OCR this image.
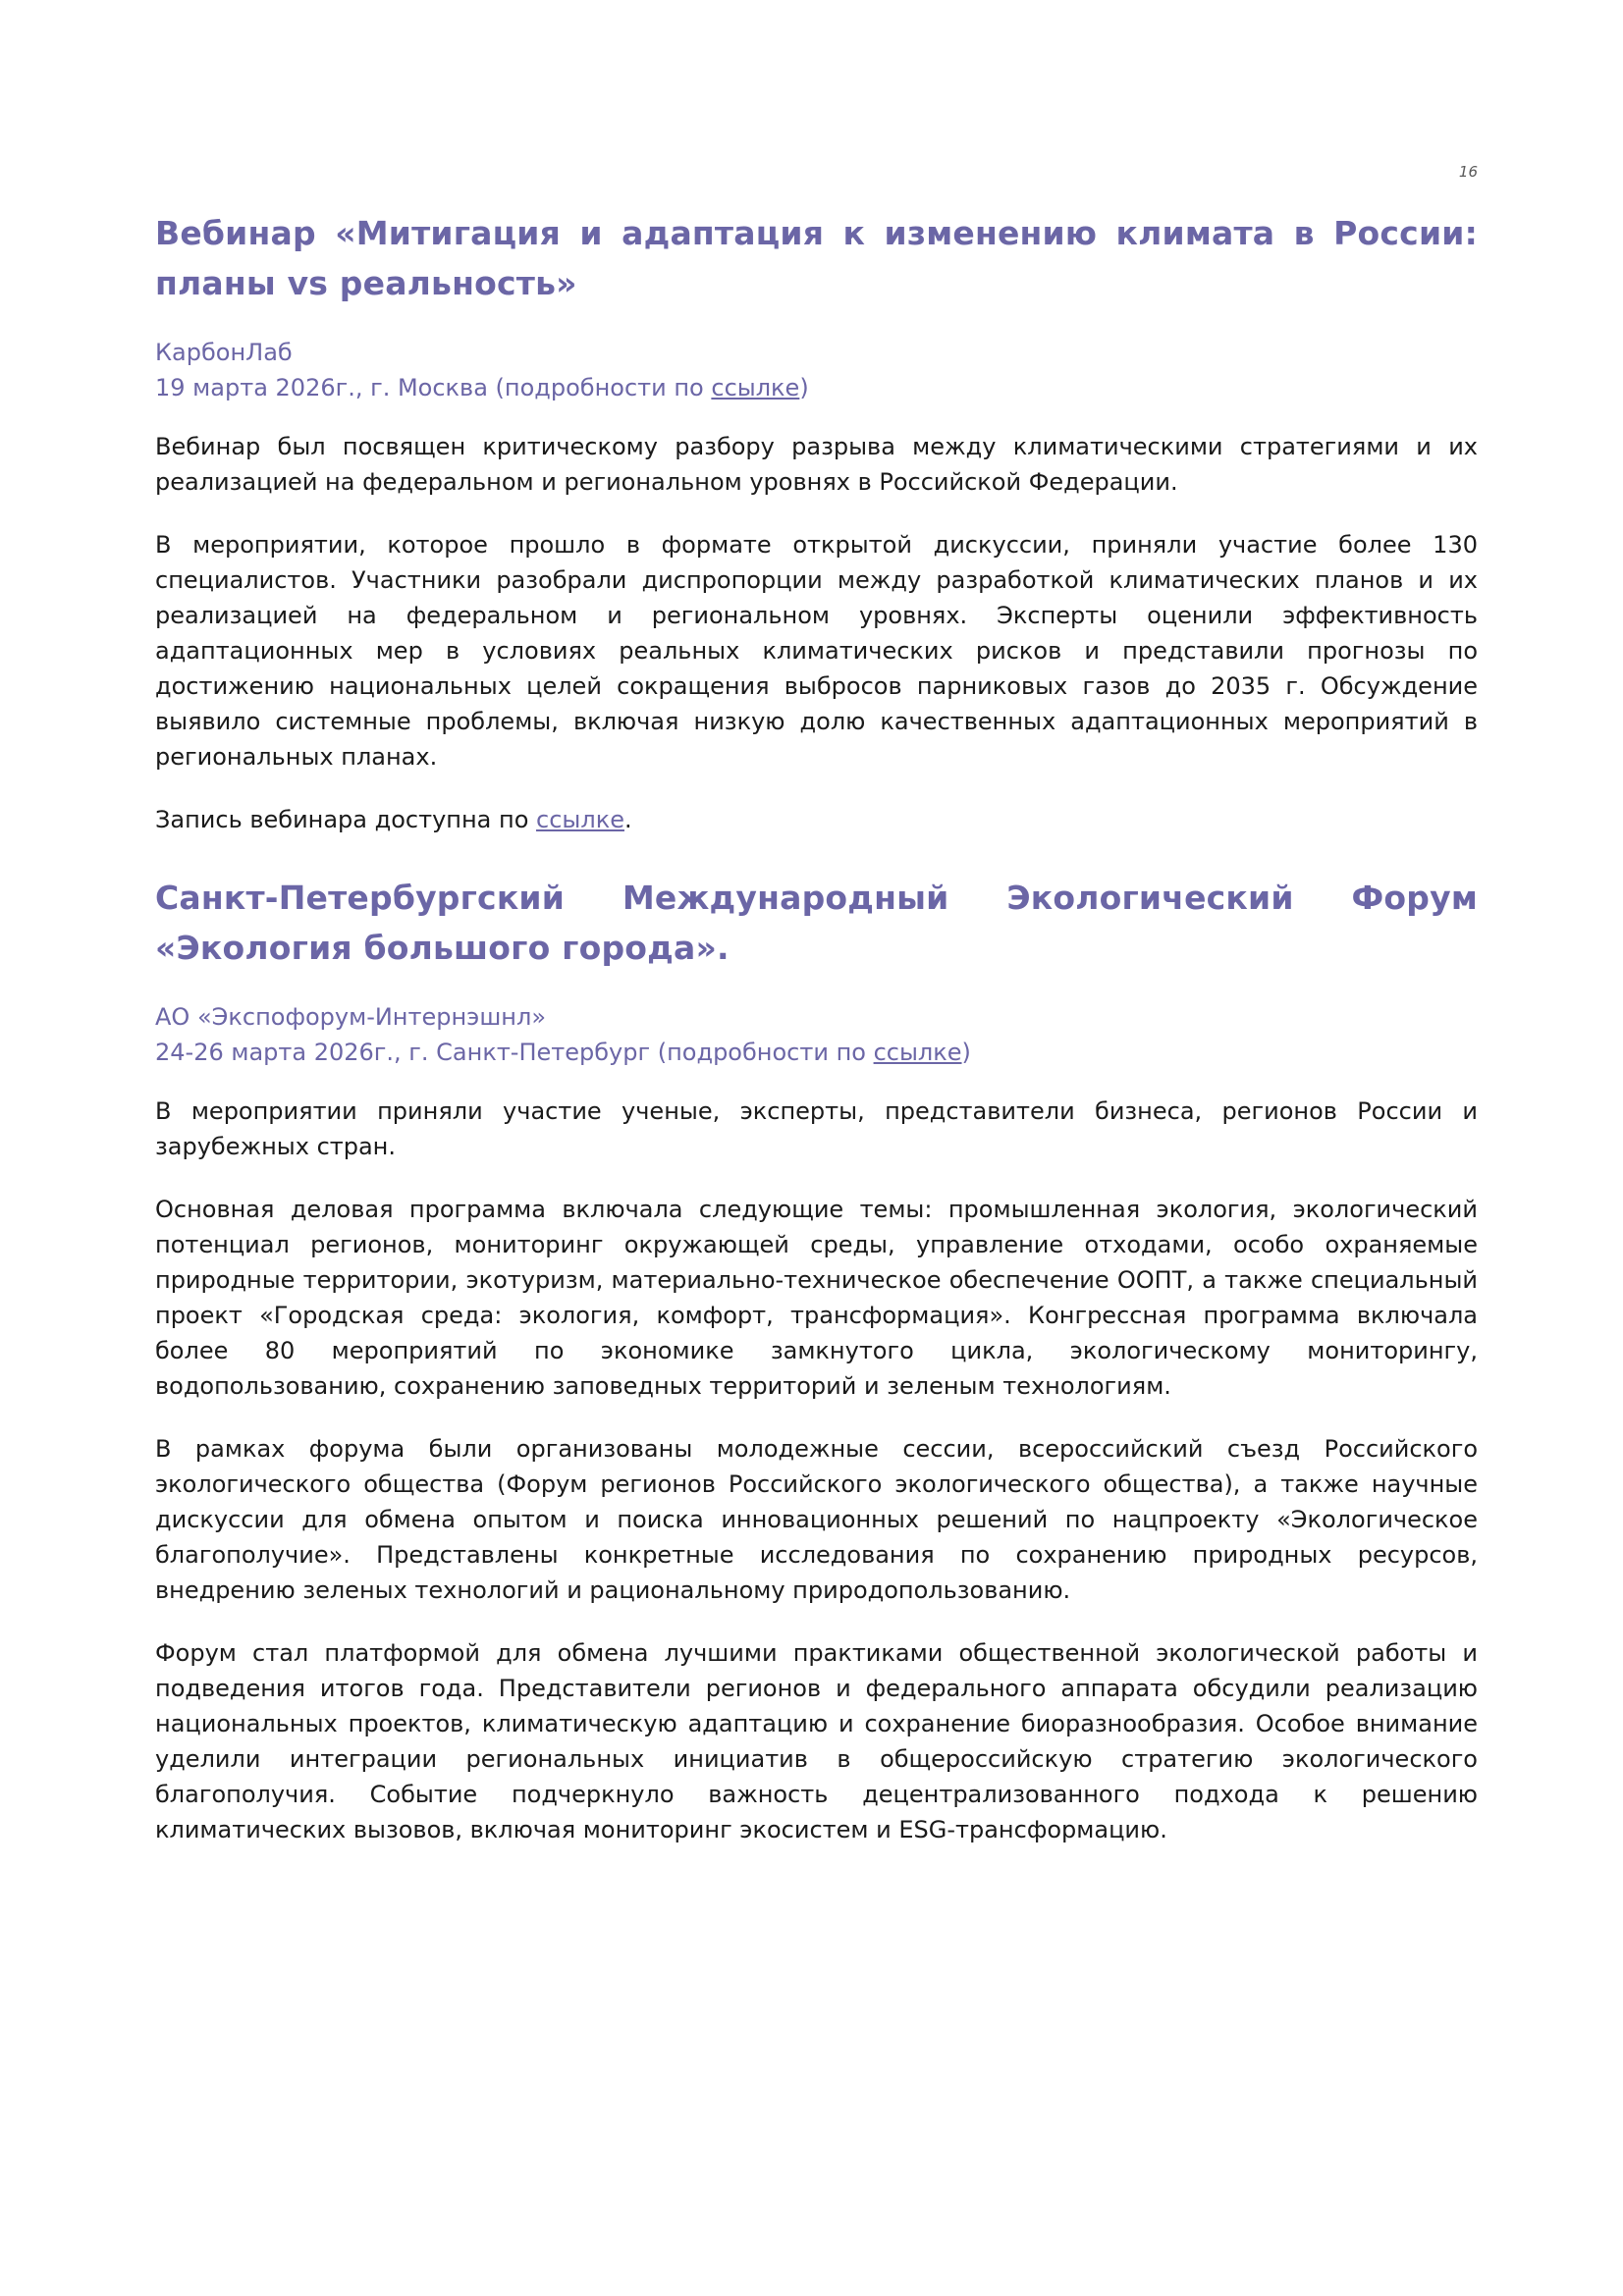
16
Вебинар «Митигация и адаптация к изменению климата в России: планы vs реальность»

КарбонЛаб

19 марта 2026г., г. Москва (подробности по ссылке)

Вебинар был посвящен критическому разбору разрыва между климатическими стратегиями и их реализацией на федеральном и региональном уровнях в Российской Федерации.

В мероприятии, которое прошло в формате открытой дискуссии, приняли участие более 130 специалистов. Участники разобрали диспропорции между разработкой климатических планов и их реализацией на федеральном и региональном уровнях. Эксперты оценили эффективность адаптационных мер в условиях реальных климатических рисков и представили прогнозы по достижению национальных целей сокращения выбросов парниковых газов до 2035 г. Обсуждение выявило системные проблемы, включая низкую долю качественных адаптационных мероприятий в региональных планах.

Запись вебинара доступна по ссылке.

Санкт-Петербургский Международный Экологический Форум «Экология большого города».

АО «Экспофорум-Интернэшнл»

24-26 марта 2026г., г. Санкт-Петербург (подробности по ссылке)

В мероприятии приняли участие ученые, эксперты, представители бизнеса, регионов России и зарубежных стран.

Основная деловая программа включала следующие темы: промышленная экология, экологический потенциал регионов, мониторинг окружающей среды, управление отходами, особо охраняемые природные территории, экотуризм, материально-техническое обеспечение ООПТ, а также специальный проект «Городская среда: экология, комфорт, трансформация». Конгрессная программа включала более 80 мероприятий по экономике замкнутого цикла, экологическому мониторингу, водопользованию, сохранению заповедных территорий и зеленым технологиям.

В рамках форума были организованы молодежные сессии, всероссийский съезд Российского экологического общества (Форум регионов Российского экологического общества), а также научные дискуссии для обмена опытом и поиска инновационных решений по нацпроекту «Экологическое благополучие». Представлены конкретные исследования по сохранению природных ресурсов, внедрению зеленых технологий и рациональному природопользованию.

Форум стал платформой для обмена лучшими практиками общественной экологической работы и подведения итогов года. Представители регионов и федерального аппарата обсудили реализацию национальных проектов, климатическую адаптацию и сохранение биоразнообразия. Особое внимание уделили интеграции региональных инициатив в общероссийскую стратегию экологического благополучия. Событие подчеркнуло важность децентрализованного подхода к решению климатических вызовов, включая мониторинг экосистем и ESG-трансформацию.
